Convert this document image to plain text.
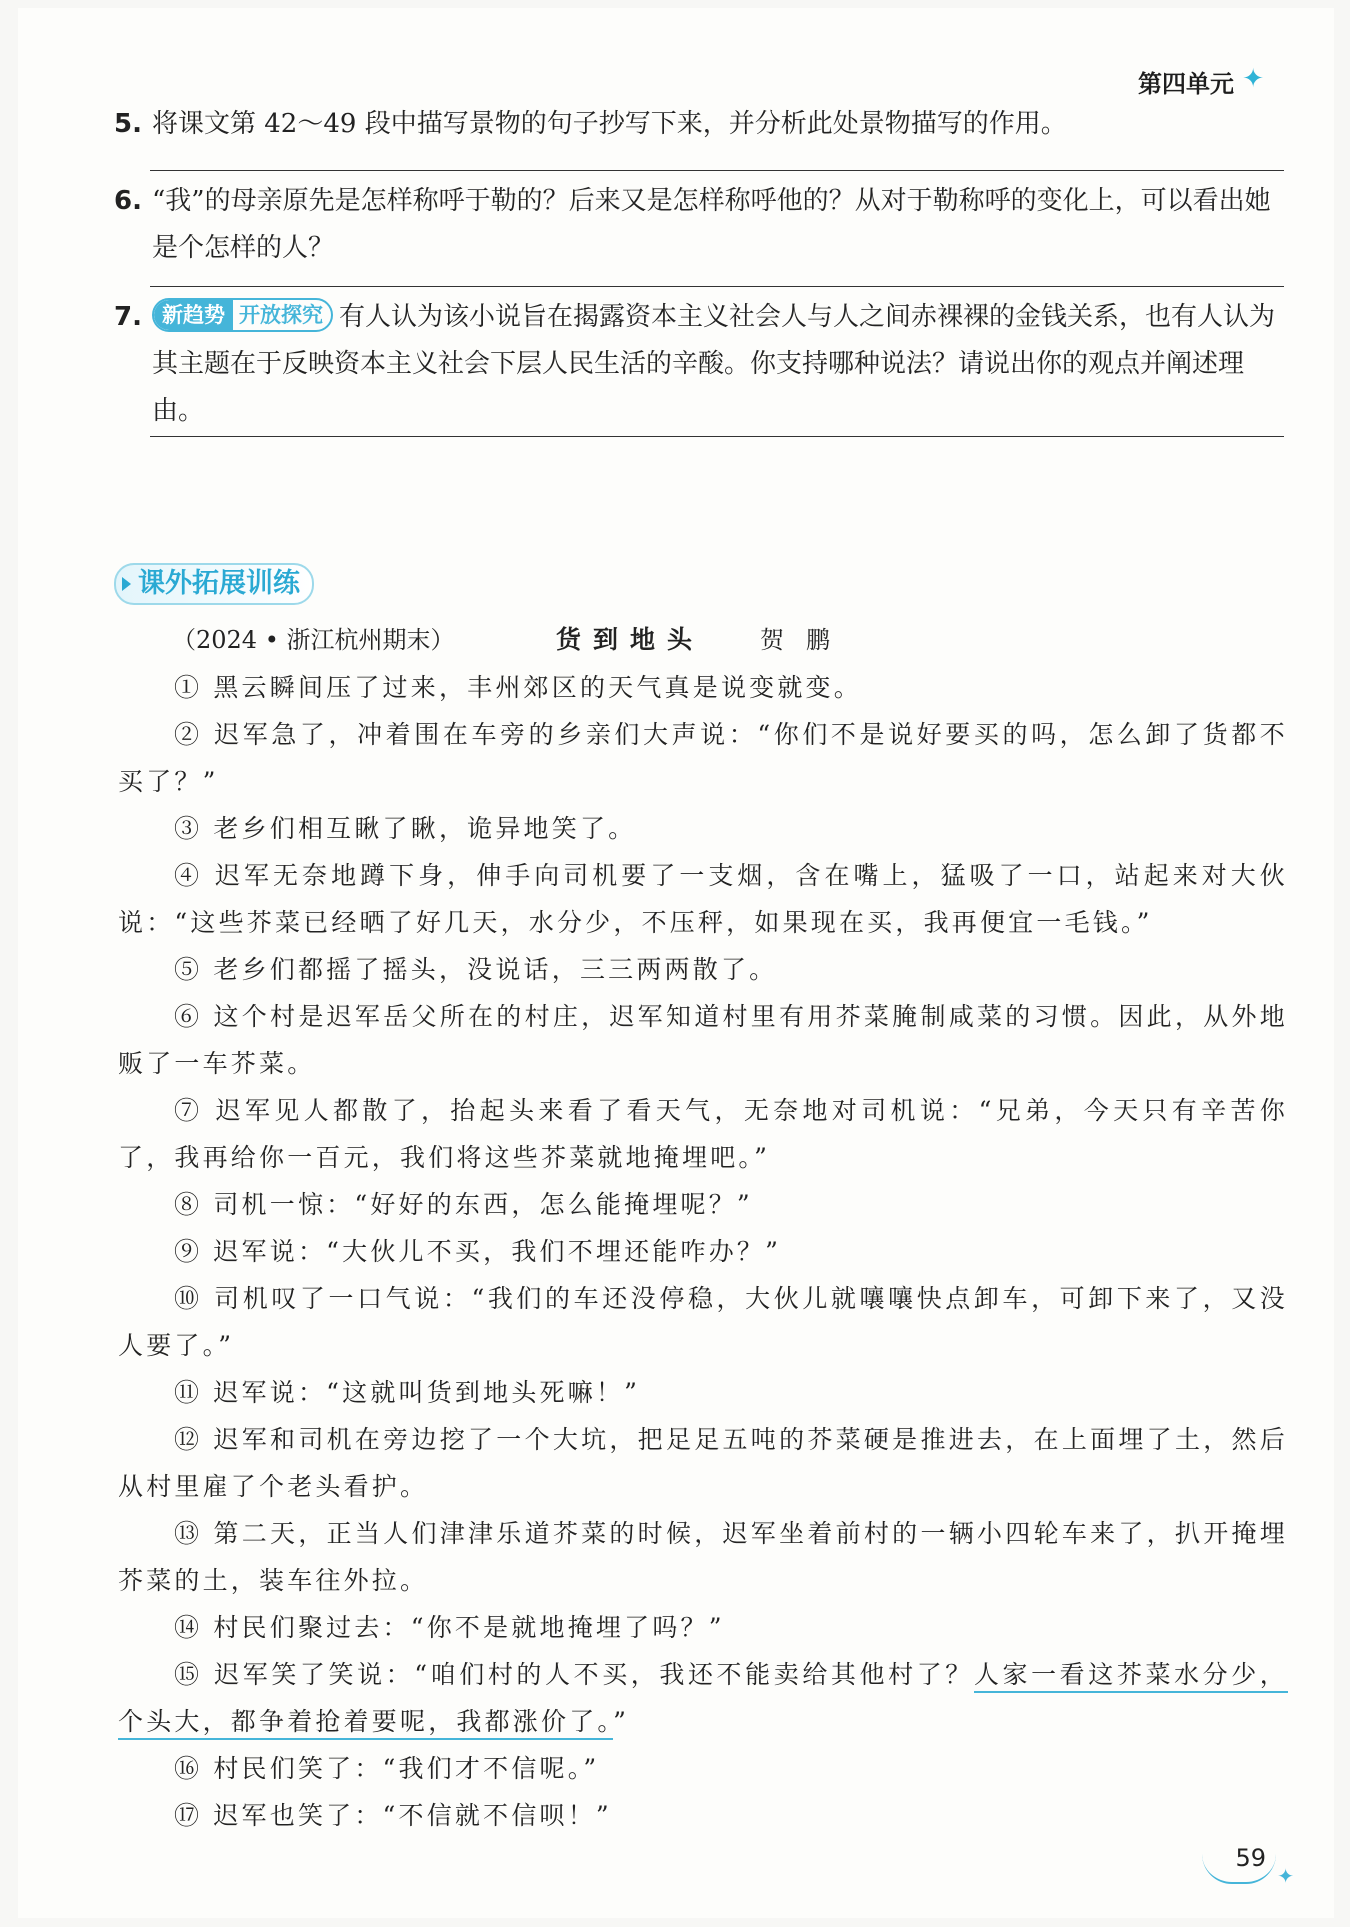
第四单元 ✦
5. 将课文第 42～49 段中描写景物的句子抄写下来，并分析此处景物描写的作用。
6. “我”的母亲原先是怎样称呼于勒的？后来又是怎样称呼他的？从对于勒称呼的变化上，可以看出她是个怎样的人？
7. 新趋势 开放探究 有人认为该小说旨在揭露资本主义社会人与人之间赤裸裸的金钱关系，也有人认为其主题在于反映资本主义社会下层人民生活的辛酸。你支持哪种说法？请说出你的观点并阐述理由。
课外拓展训练
（2024 • 浙江杭州期末）	货到地头 贺鹏

① 黑云瞬间压了过来，丰州郊区的天气真是说变就变。

② 迟军急了，冲着围在车旁的乡亲们大声说：“你们不是说好要买的吗，怎么卸了货都不买了？”

③ 老乡们相互瞅了瞅，诡异地笑了。

④ 迟军无奈地蹲下身，伸手向司机要了一支烟，含在嘴上，猛吸了一口，站起来对大伙说：“这些芥菜已经晒了好几天，水分少，不压秤，如果现在买，我再便宜一毛钱。”

⑤ 老乡们都摇了摇头，没说话，三三两两散了。

⑥ 这个村是迟军岳父所在的村庄，迟军知道村里有用芥菜腌制咸菜的习惯。因此，从外地贩了一车芥菜。

⑦ 迟军见人都散了，抬起头来看了看天气，无奈地对司机说：“兄弟，今天只有辛苦你了，我再给你一百元，我们将这些芥菜就地掩埋吧。”

⑧ 司机一惊：“好好的东西，怎么能掩埋呢？”

⑨ 迟军说：“大伙儿不买，我们不埋还能咋办？”

⑩ 司机叹了一口气说：“我们的车还没停稳，大伙儿就嚷嚷快点卸车，可卸下来了，又没人要了。”

⑪ 迟军说：“这就叫货到地头死嘛！”

⑫ 迟军和司机在旁边挖了一个大坑，把足足五吨的芥菜硬是推进去，在上面埋了土，然后从村里雇了个老头看护。

⑬ 第二天，正当人们津津乐道芥菜的时候，迟军坐着前村的一辆小四轮车来了，扒开掩埋芥菜的土，装车往外拉。

⑭ 村民们聚过去：“你不是就地掩埋了吗？”

⑮ 迟军笑了笑说：“咱们村的人不买，我还不能卖给其他村了？人家一看这芥菜水分少，个头大，都争着抢着要呢，我都涨价了。”

⑯ 村民们笑了：“我们才不信呢。”

⑰ 迟军也笑了：“不信就不信呗！”

59
✦
